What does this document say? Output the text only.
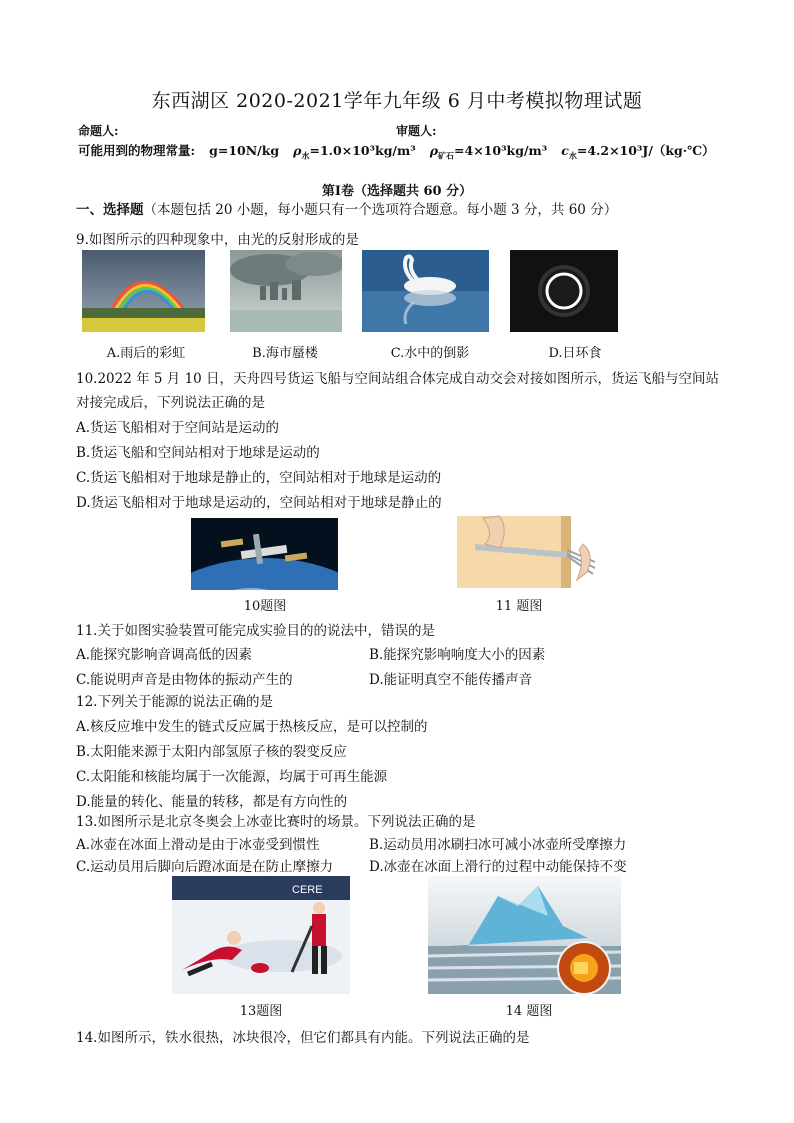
东西湖区 2020-2021学年九年级 6 月中考模拟物理试题
命题人:	审题人:
可能用到的物理常量: g=10N/kg $\rho_水=1.0\times 10^3kg/m^3$ $\rho_{矿石}=4\times 10^3kg/m^3$ $c_水=4.2\times 10^3J/(kg\cdot℃)$
第Ⅰ卷（选择题共 60 分）
一、选择题（本题包括 20 小题，每小题只有一个选项符合题意。每小题 3 分，共 60 分）
9.如图所示的四种现象中，由光的反射形成的是
A.雨后的彩虹	B.海市蜃楼	C.水中的倒影	D.日环食
10.2022 年 5 月 10 日，天舟四号货运飞船与空间站组合体完成自动交会对接如图所示，货运飞船与空间站
对接完成后，下列说法正确的是
A.货运飞船相对于空间站是运动的
B.货运飞船和空间站相对于地球是运动的
C.货运飞船相对于地球是静止的，空间站相对于地球是运动的
D.货运飞船相对于地球是运动的，空间站相对于地球是静止的
10题图	11 题图
11.关于如图实验装置可能完成实验目的的说法中，错误的是
A.能探究影响音调高低的因素	B.能探究影响响度大小的因素
C.能说明声音是由物体的振动产生的	D.能证明真空不能传播声音
12.下列关于能源的说法正确的是
A.核反应堆中发生的链式反应属于热核反应，是可以控制的
B.太阳能来源于太阳内部氢原子核的裂变反应
C.太阳能和核能均属于一次能源，均属于可再生能源
D.能量的转化、能量的转移，都是有方向性的
13.如图所示是北京冬奥会上冰壶比赛时的场景。下列说法正确的是
A.冰壶在冰面上滑动是由于冰壶受到惯性	B.运动员用冰刷扫冰可减小冰壶所受摩擦力
C.运动员用后脚向后蹬冰面是在防止摩擦力	D.冰壶在冰面上滑行的过程中动能保持不变
CERE
13题图	14 题图
14.如图所示，铁水很热，冰块很冷，但它们都具有内能。下列说法正确的是
